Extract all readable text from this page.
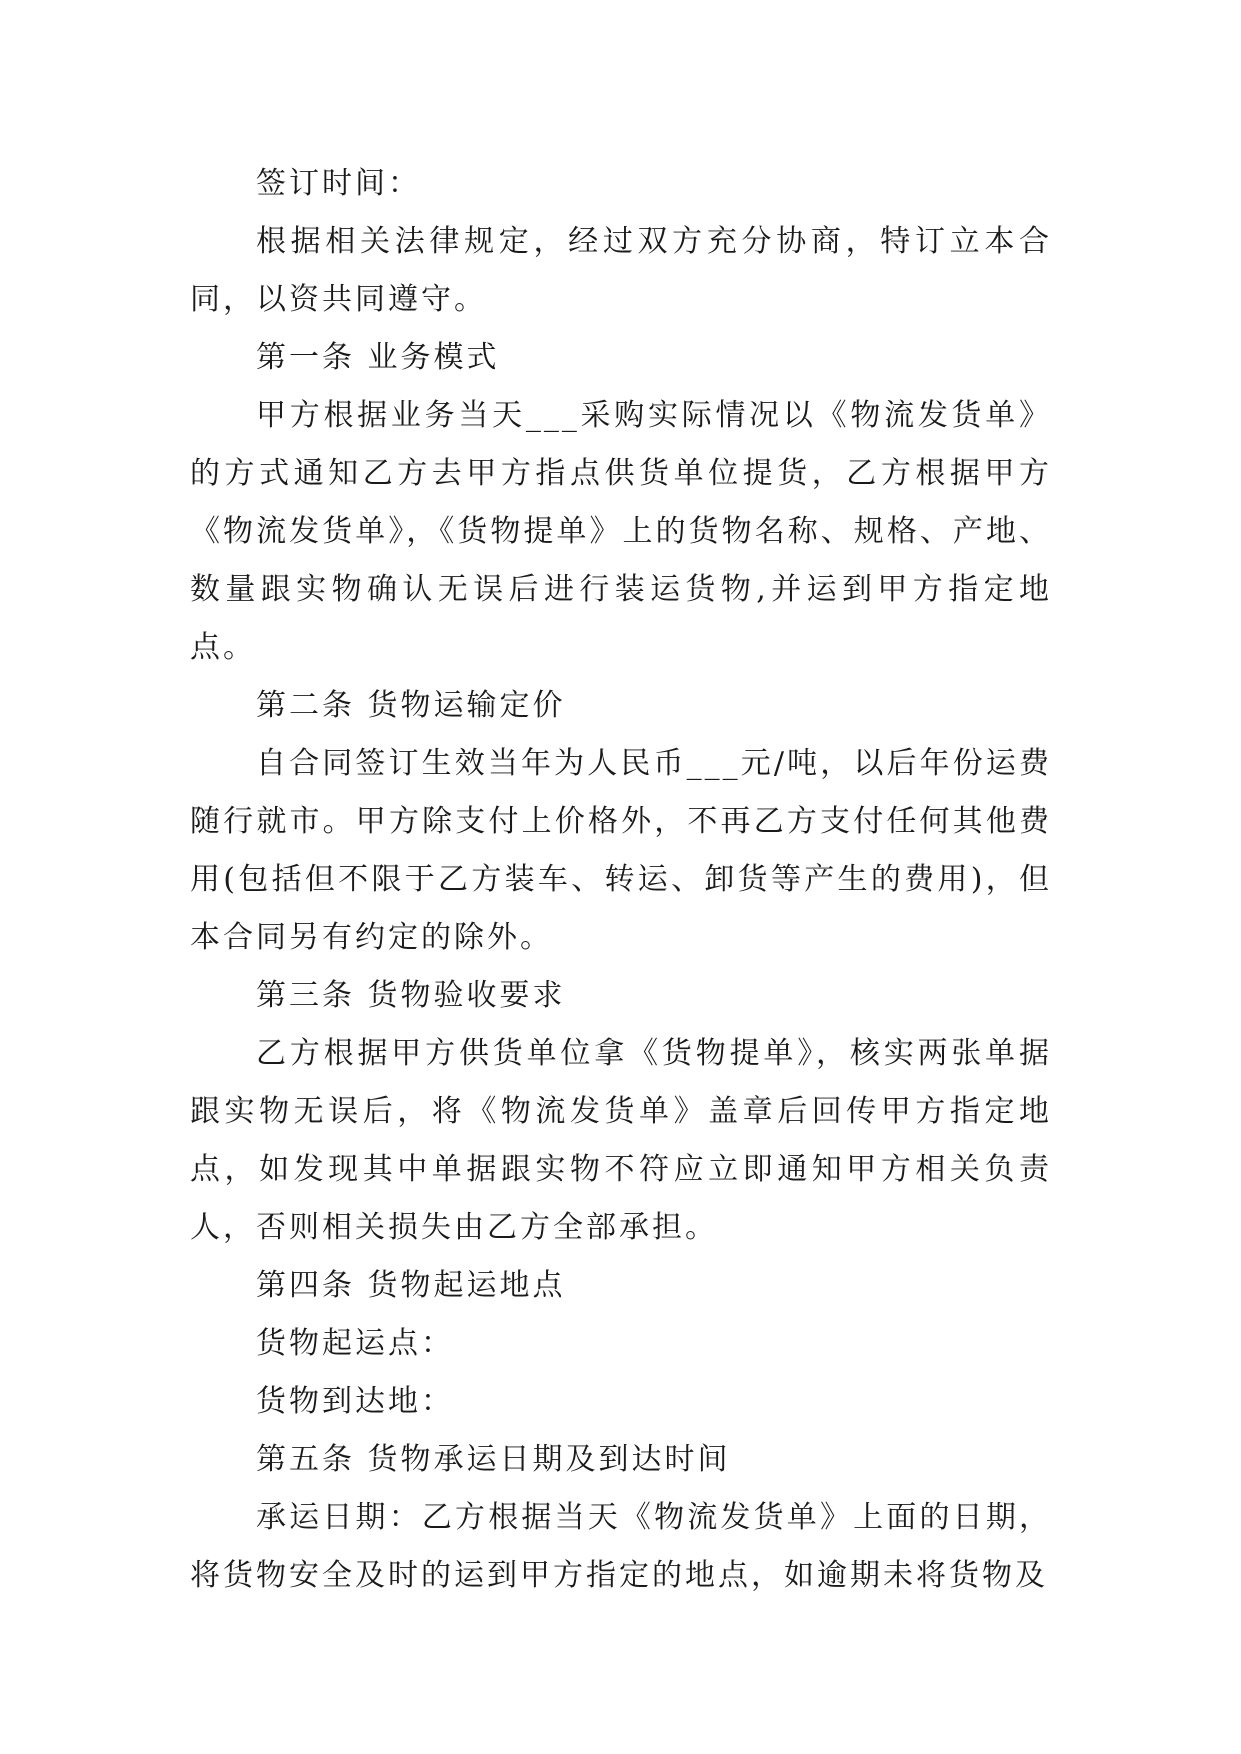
签订时间：

根据相关法律规定，经过双方充分协商，特订立本合同，以资共同遵守。

第一条 业务模式

甲方根据业务当天___采购实际情况以《物流发货单》的方式通知乙方去甲方指点供货单位提货，乙方根据甲方《物流发货单》，《货物提单》上的货物名称、规格、产地、数量跟实物确认无误后进行装运货物,并运到甲方指定地点。

第二条 货物运输定价

自合同签订生效当年为人民币___元/吨，以后年份运费随行就市。甲方除支付上价格外，不再乙方支付任何其他费用(包括但不限于乙方装车、转运、卸货等产生的费用)，但本合同另有约定的除外。

第三条 货物验收要求

乙方根据甲方供货单位拿《货物提单》，核实两张单据跟实物无误后，将《物流发货单》盖章后回传甲方指定地点，如发现其中单据跟实物不符应立即通知甲方相关负责人，否则相关损失由乙方全部承担。

第四条 货物起运地点

货物起运点：

货物到达地：

第五条 货物承运日期及到达时间

承运日期：乙方根据当天《物流发货单》上面的日期，将货物安全及时的运到甲方指定的地点，如逾期未将货物及
